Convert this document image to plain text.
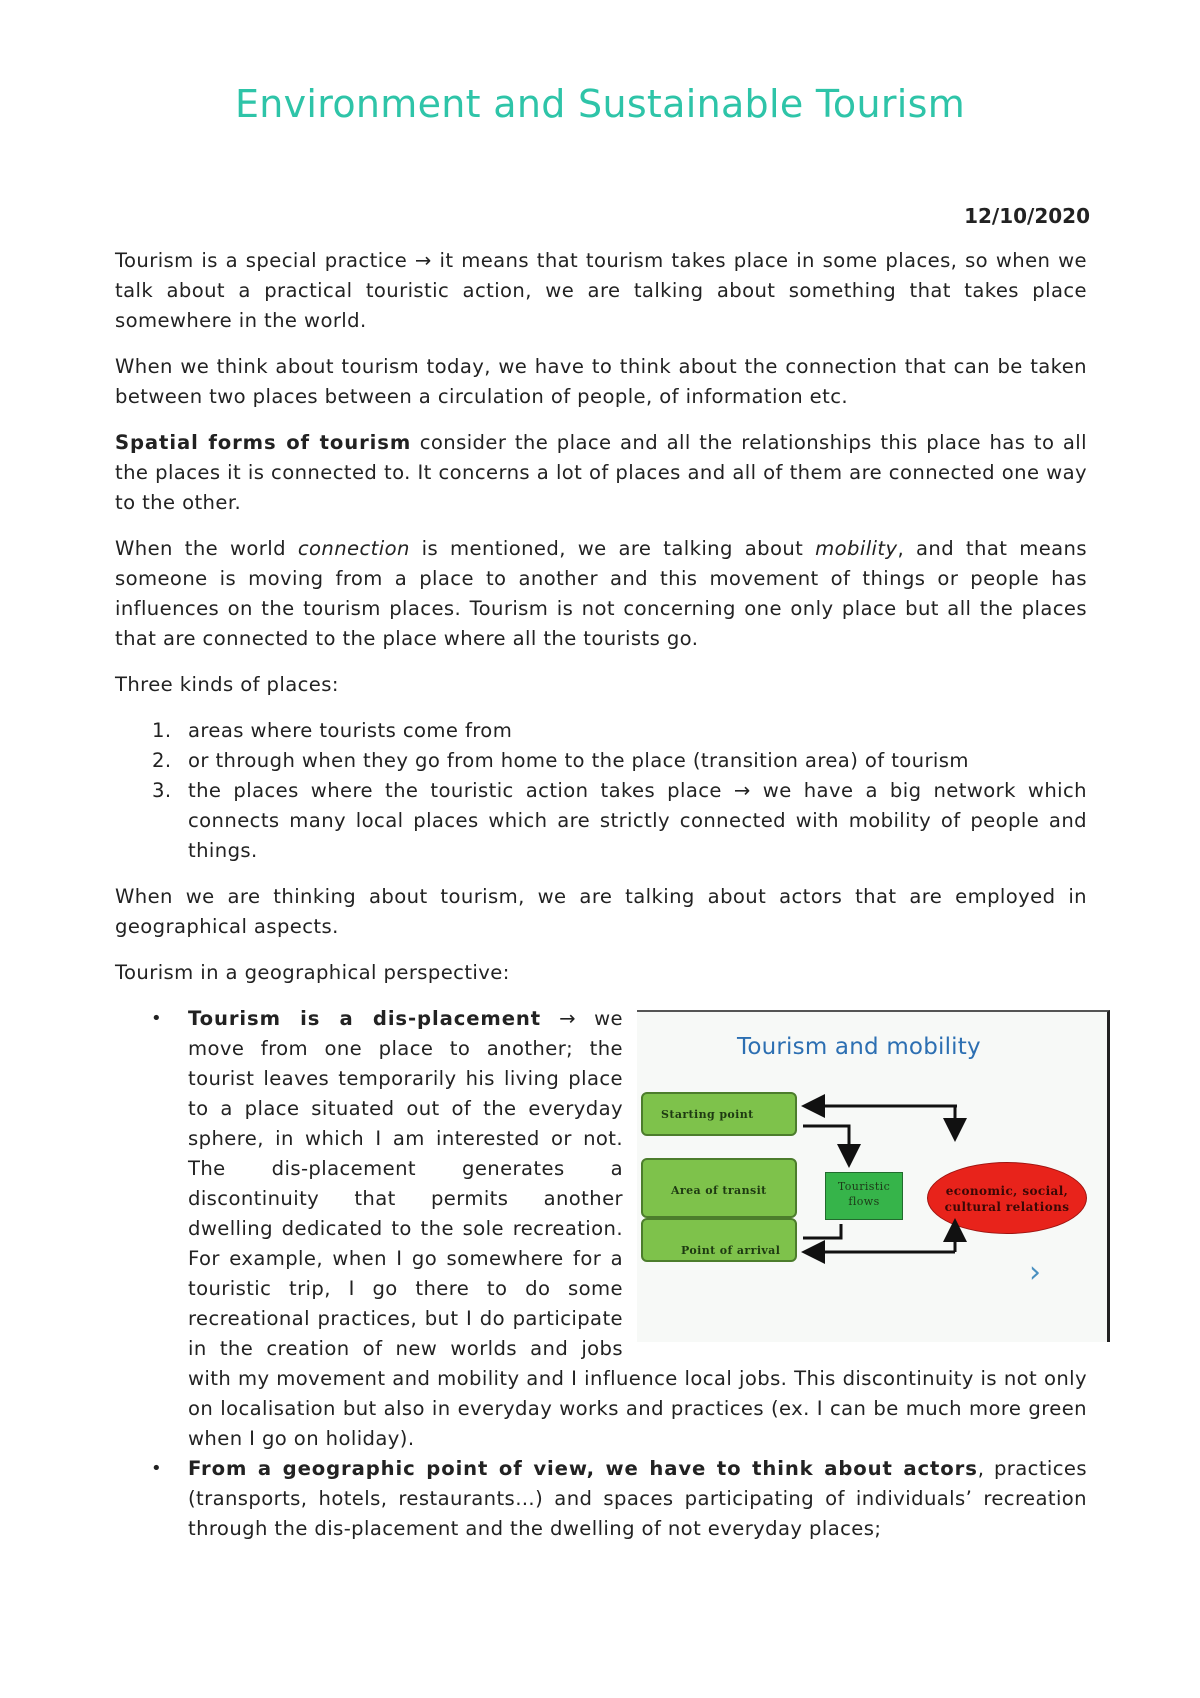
Environment and Sustainable Tourism
12/10/2020

Tourism is a special practice → it means that tourism takes place in some places, so when we talk about a practical touristic action, we are talking about something that takes place somewhere in the world.

When we think about tourism today, we have to think about the connection that can be taken between two places between a circulation of people, of information etc.

Spatial forms of tourism consider the place and all the relationships this place has to all the places it is connected to. It concerns a lot of places and all of them are connected one way to the other.

When the world connection is mentioned, we are talking about mobility, and that means someone is moving from a place to another and this movement of things or people has influences on the tourism places. Tourism is not concerning one only place but all the places that are connected to the place where all the tourists go.

Three kinds of places:

1. areas where tourists come from
2. or through when they go from home to the place (transition area) of tourism
3. the places where the touristic action takes place → we have a big network which connects many local places which are strictly connected with mobility of people and things.

When we are thinking about tourism, we are talking about actors that are employed in geographical aspects.

Tourism in a geographical perspective:

•
Tourism and mobility
Starting point
Area of transit
Point of arrival
Touristic
flows
economic, social,
cultural relations
›
Tourism is a dis-placement → we move from one place to another; the tourist leaves temporarily his living place to a place situated out of the everyday sphere, in which I am interested or not. The dis-placement generates a discontinuity that permits another dwelling dedicated to the sole recreation. For example, when I go somewhere for a touristic trip, I go there to do some recreational practices, but I do participate in the creation of new worlds and jobs with my movement and mobility and I influence local jobs. This discontinuity is not only on localisation but also in everyday works and practices (ex. I can be much more green when I go on holiday).
• From a geographic point of view, we have to think about actors, practices (transports, hotels, restaurants…) and spaces participating of individuals’ recreation through the dis-placement and the dwelling of not everyday places;
